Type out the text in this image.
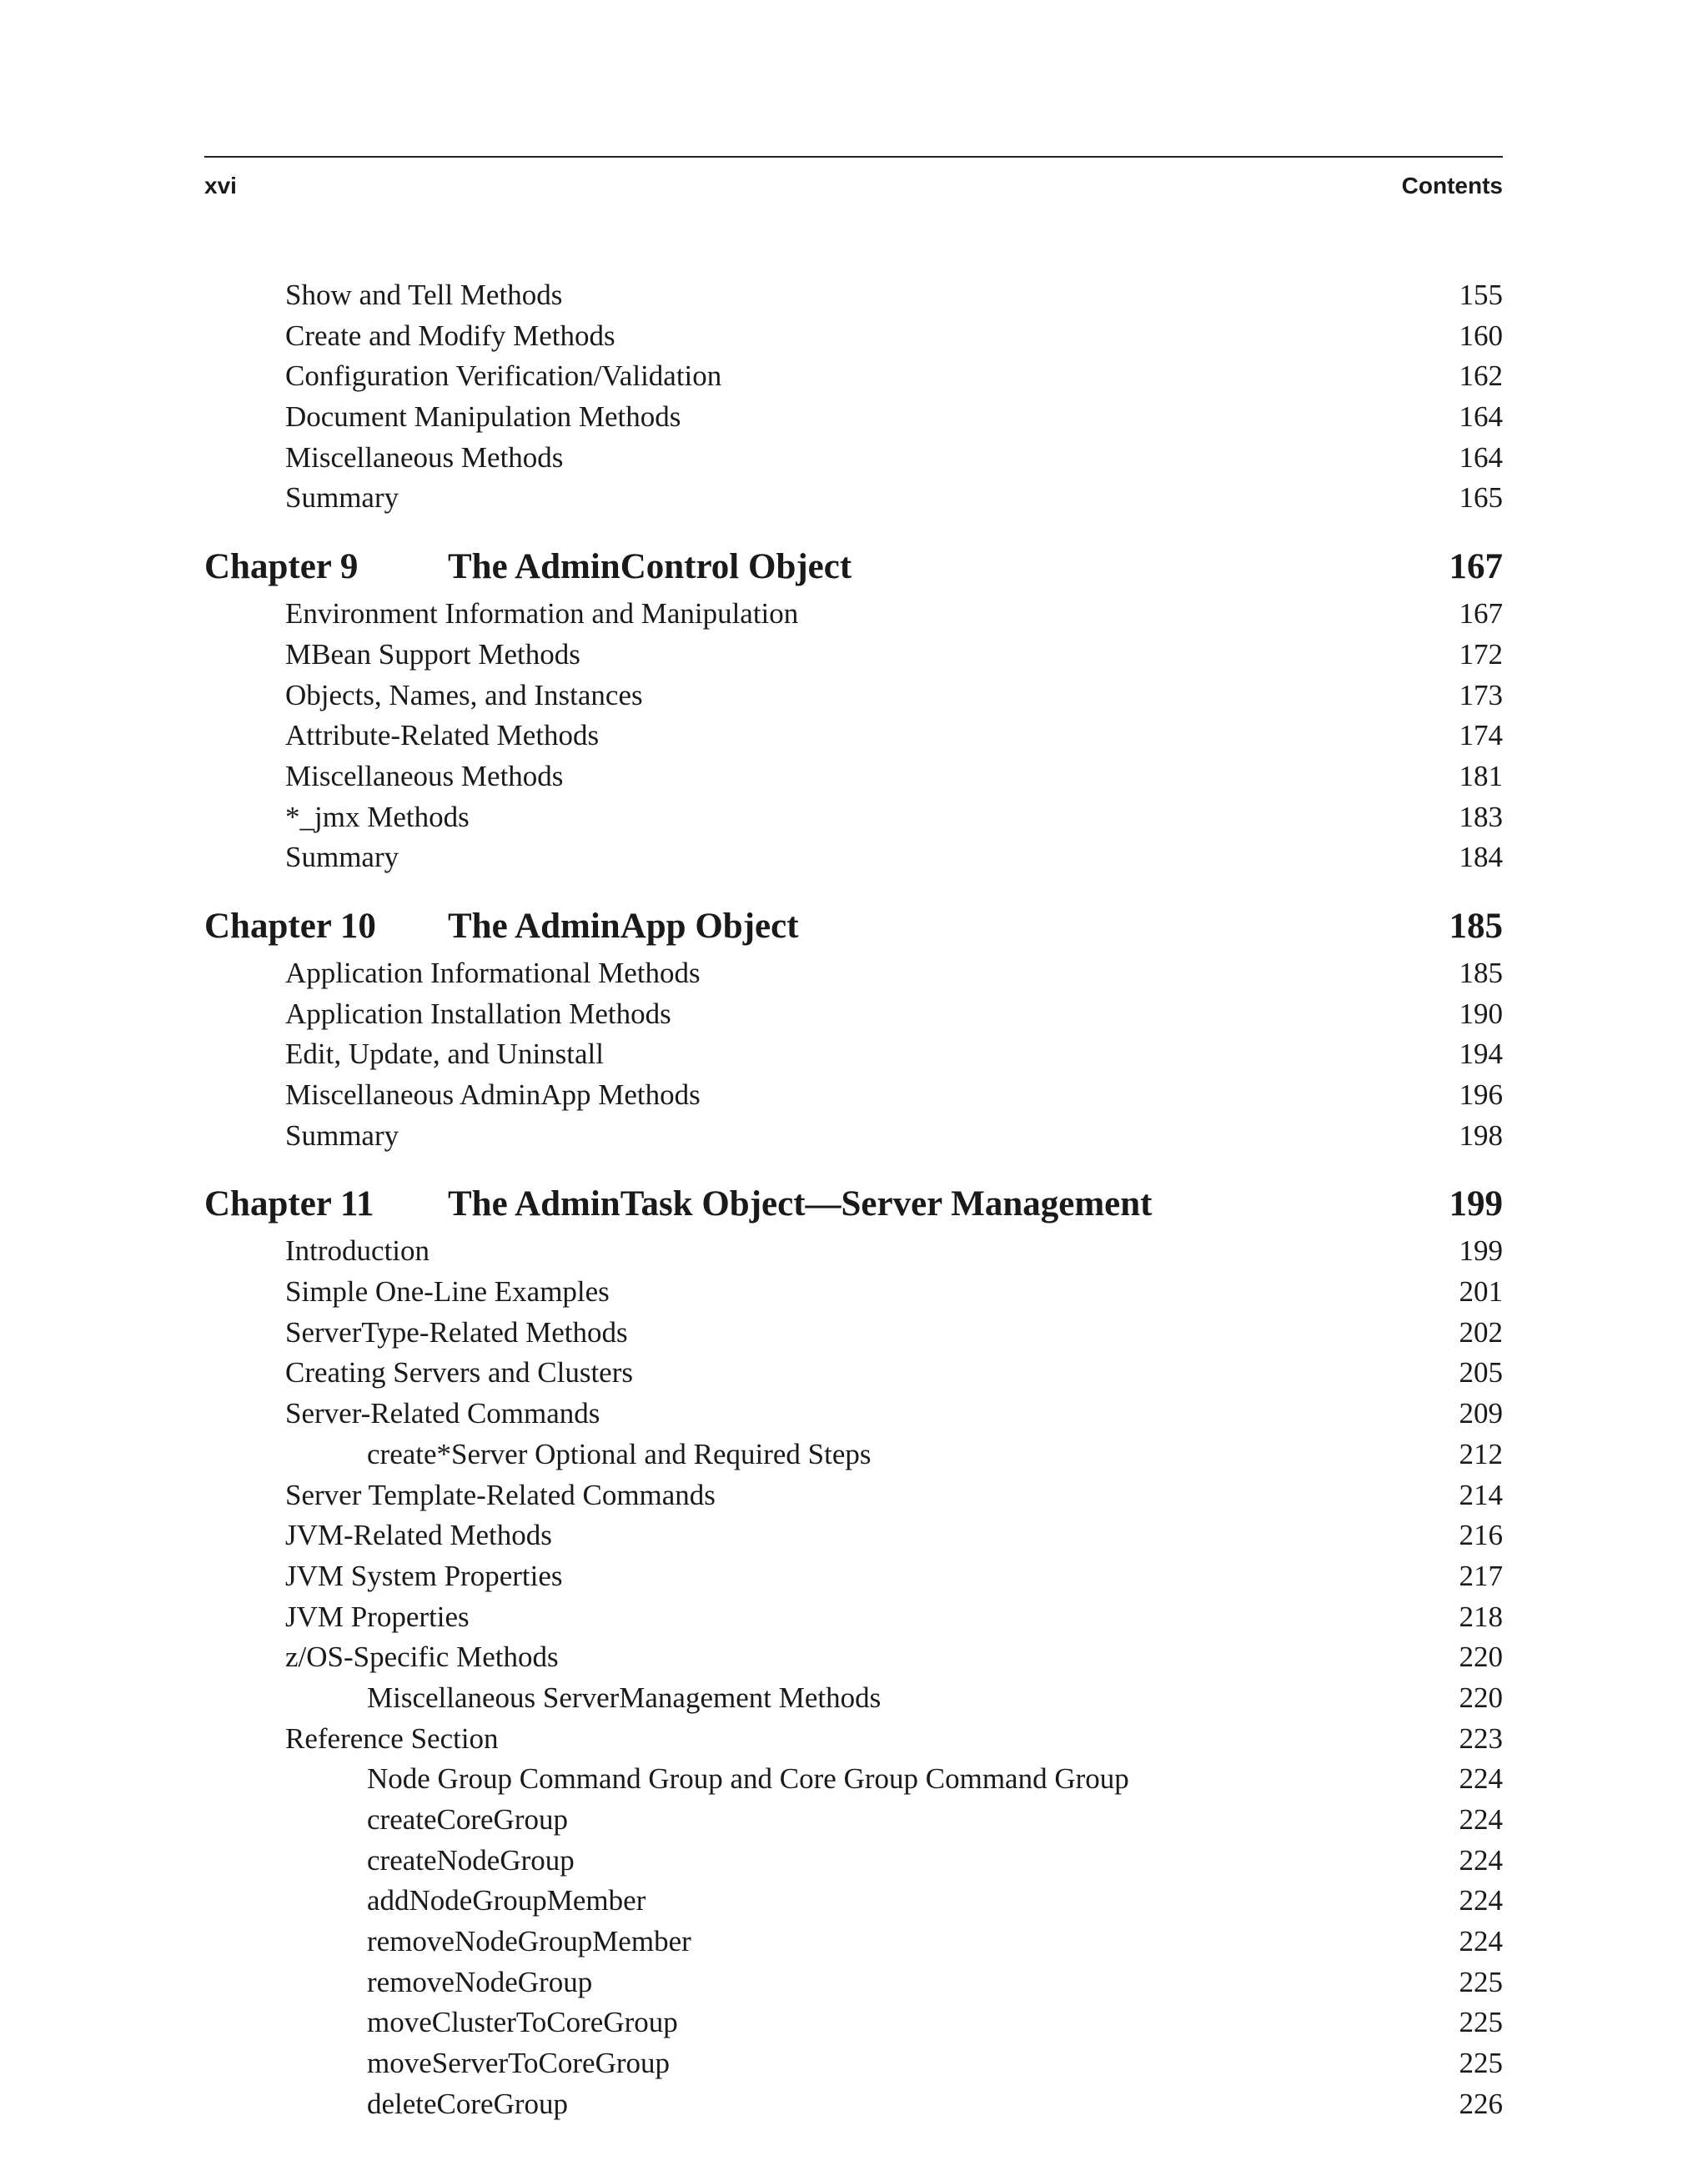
xvi	Contents
Show and Tell Methods	155
Create and Modify Methods	160
Configuration Verification/Validation	162
Document Manipulation Methods	164
Miscellaneous Methods	164
Summary	165
Chapter 9	The AdminControl Object	167
Environment Information and Manipulation	167
MBean Support Methods	172
Objects, Names, and Instances	173
Attribute-Related Methods	174
Miscellaneous Methods	181
*_jmx Methods	183
Summary	184
Chapter 10 The AdminApp Object	185
Application Informational Methods	185
Application Installation Methods	190
Edit, Update, and Uninstall	194
Miscellaneous AdminApp Methods	196
Summary	198
Chapter 11 The AdminTask Object—Server Management	199
Introduction	199
Simple One-Line Examples	201
ServerType-Related Methods	202
Creating Servers and Clusters	205
Server-Related Commands	209
create*Server Optional and Required Steps	212
Server Template-Related Commands	214
JVM-Related Methods	216
JVM System Properties	217
JVM Properties	218
z/OS-Specific Methods	220
Miscellaneous ServerManagement Methods	220
Reference Section	223
Node Group Command Group and Core Group Command Group	224
createCoreGroup	224
createNodeGroup	224
addNodeGroupMember	224
removeNodeGroupMember	224
removeNodeGroup	225
moveClusterToCoreGroup	225
moveServerToCoreGroup	225
deleteCoreGroup	226
